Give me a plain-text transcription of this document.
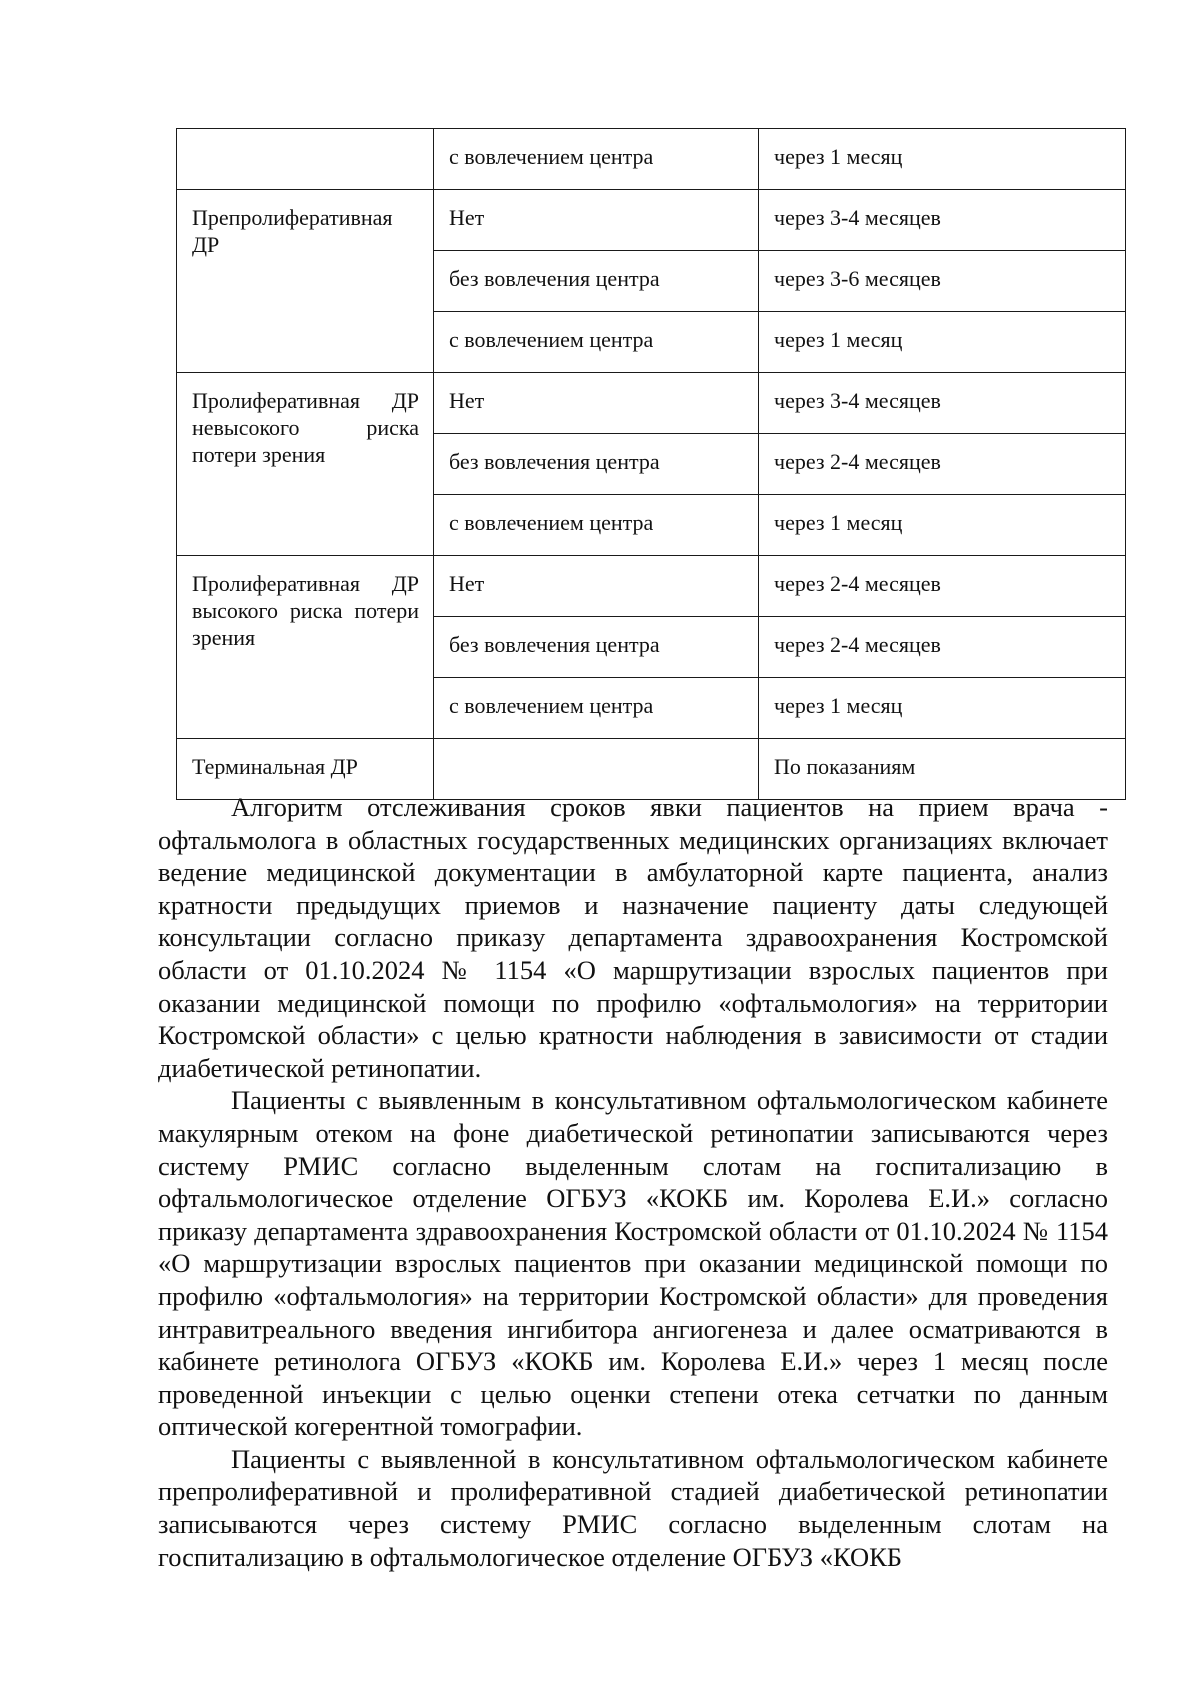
	с вовлечением центра	через 1 месяц
Препролиферативная ДР	Нет	через 3-4 месяцев
	без вовлечения центра	через 3-6 месяцев
	с вовлечением центра	через 1 месяц
Пролиферативная ДР невысокого риска потери зрения	Нет	через 3-4 месяцев
	без вовлечения центра	через 2-4 месяцев
	с вовлечением центра	через 1 месяц
Пролиферативная ДР высокого риска потери зрения	Нет	через 2-4 месяцев
	без вовлечения центра	через 2-4 месяцев
	с вовлечением центра	через 1 месяц
Терминальная ДР		По показаниям

Алгоритм отслеживания сроков явки пациентов на прием врача - офтальмолога в областных государственных медицинских организациях включает ведение медицинской документации в амбулаторной карте пациента, анализ кратности предыдущих приемов и назначение пациенту даты следующей консультации согласно приказу департамента здравоохранения Костромской области от 01.10.2024 № 1154 «О маршрутизации взрослых пациентов при оказании медицинской помощи по профилю «офтальмология» на территории Костромской области» с целью кратности наблюдения в зависимости от стадии диабетической ретинопатии.

Пациенты с выявленным в консультативном офтальмологическом кабинете макулярным отеком на фоне диабетической ретинопатии записываются через систему РМИС согласно выделенным слотам на госпитализацию в офтальмологическое отделение ОГБУЗ «КОКБ им. Королева Е.И.» согласно приказу департамента здравоохранения Костромской области от 01.10.2024 № 1154 «О маршрутизации взрослых пациентов при оказании медицинской помощи по профилю «офтальмология» на территории Костромской области» для проведения интравитреального введения ингибитора ангиогенеза и далее осматриваются в кабинете ретинолога ОГБУЗ «КОКБ им. Королева Е.И.» через 1 месяц после проведенной инъекции с целью оценки степени отека сетчатки по данным оптической когерентной томографии.

Пациенты с выявленной в консультативном офтальмологическом кабинете препролиферативной и пролиферативной стадией диабетической ретинопатии записываются через систему РМИС согласно выделенным слотам на госпитализацию в офтальмологическое отделение ОГБУЗ «КОКБ
